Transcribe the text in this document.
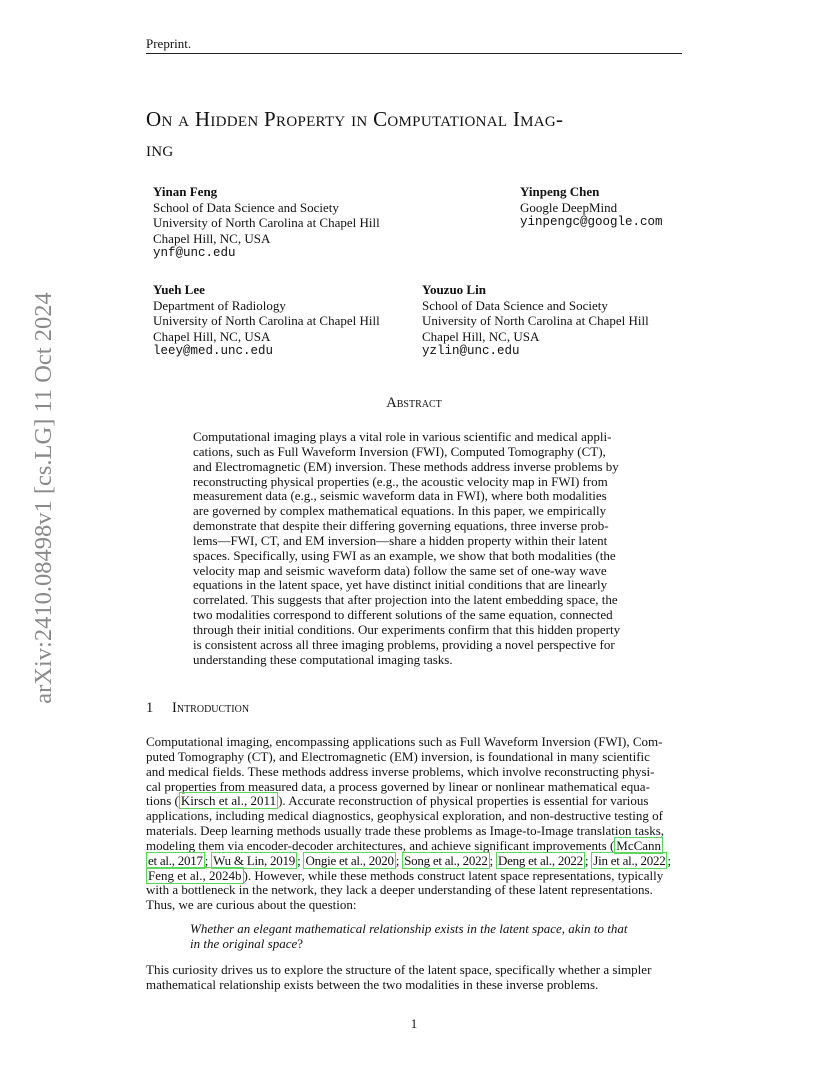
Preprint.
On a Hidden Property in Computational Imag-
ing
Yinan Feng
School of Data Science and Society
University of North Carolina at Chapel Hill
Chapel Hill, NC, USA
ynf@unc.edu
Yinpeng Chen
Google DeepMind
yinpengc@google.com
Yueh Lee
Department of Radiology
University of North Carolina at Chapel Hill
Chapel Hill, NC, USA
leey@med.unc.edu
Youzuo Lin
School of Data Science and Society
University of North Carolina at Chapel Hill
Chapel Hill, NC, USA
yzlin@unc.edu
Abstract
Computational imaging plays a vital role in various scientific and medical appli-
cations, such as Full Waveform Inversion (FWI), Computed Tomography (CT),
and Electromagnetic (EM) inversion. These methods address inverse problems by
reconstructing physical properties (e.g., the acoustic velocity map in FWI) from
measurement data (e.g., seismic waveform data in FWI), where both modalities
are governed by complex mathematical equations. In this paper, we empirically
demonstrate that despite their differing governing equations, three inverse prob-
lems—FWI, CT, and EM inversion—share a hidden property within their latent
spaces. Specifically, using FWI as an example, we show that both modalities (the
velocity map and seismic waveform data) follow the same set of one-way wave
equations in the latent space, yet have distinct initial conditions that are linearly
correlated. This suggests that after projection into the latent embedding space, the
two modalities correspond to different solutions of the same equation, connected
through their initial conditions. Our experiments confirm that this hidden property
is consistent across all three imaging problems, providing a novel perspective for
understanding these computational imaging tasks.
1 Introduction
Computational imaging, encompassing applications such as Full Waveform Inversion (FWI), Com-
puted Tomography (CT), and Electromagnetic (EM) inversion, is foundational in many scientific
and medical fields. These methods address inverse problems, which involve reconstructing physi-
cal properties from measured data, a process governed by linear or nonlinear mathematical equa-
tions ( Kirsch et al., 2011 ). Accurate reconstruction of physical properties is essential for various
applications, including medical diagnostics, geophysical exploration, and non-destructive testing of
materials. Deep learning methods usually trade these problems as Image-to-Image translation tasks,
modeling them via encoder-decoder architectures, and achieve significant improvements ( McCann
et al., 2017 ; Wu & Lin, 2019 ; Ongie et al., 2020 ; Song et al., 2022 ; Deng et al., 2022 ; Jin et al., 2022 ;
Feng et al., 2024b ). However, while these methods construct latent space representations, typically
with a bottleneck in the network, they lack a deeper understanding of these latent representations.
Thus, we are curious about the question:
Whether an elegant mathematical relationship exists in the latent space, akin to that
in the original space?
This curiosity drives us to explore the structure of the latent space, specifically whether a simpler
mathematical relationship exists between the two modalities in these inverse problems.
1
arXiv:2410.08498v1 [cs.LG] 11 Oct 2024
